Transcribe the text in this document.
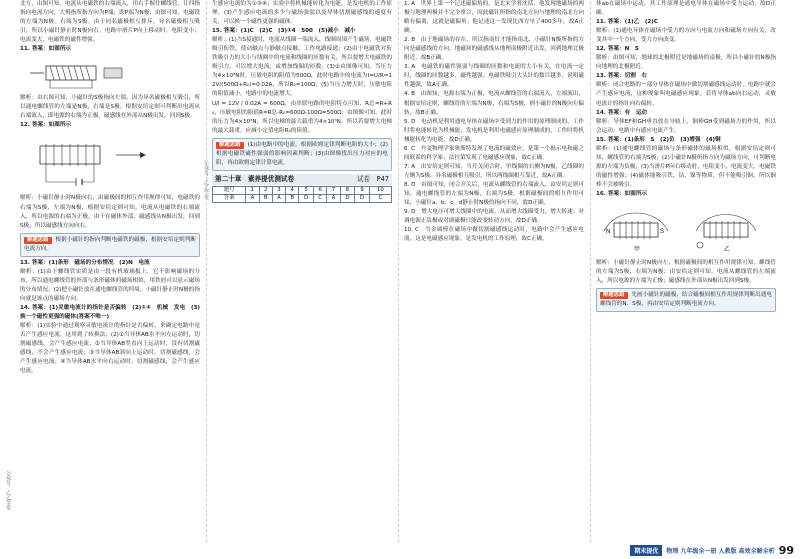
北方，由图可知，电流从电磁铁的右端流入，用右手握住螺线管，让四指指向电流方向，大拇指所指方向为P端，即P端为N极；由图可知，电磁铁的左端为N极，右端为S极。由于同名磁极相互排斥，异名磁极相互吸引，所以小磁针静止时N极向右。电路中滑片P向上移动时，电阻变小，电流变大，电磁铁的磁性增强。

11. 答案：如图所示

解析：由右图可知，小磁针的S极指向左端，因为异名磁极相互吸引，所以通电螺线管的左端是N极，右端是S极。根据安培定则可判断出电流从右端流入，即电源的右端为正极。磁感线在外部从N极出发，回到S极。

12. 答案：如图所示

解析：小磁针静止时N极向右，由磁极间的相互作用规律可知，电磁铁的右端为S极，左端为N极，根据安培定则可知，电流从电磁铁的右端流入，所以电源的右端为正极，由于在磁体外部，磁感线从N极出发，回到S极，所以磁感线方向向右。

解题思路 根据小磁针的指向判断电磁铁的磁极，根据安培定则判断电流方向。

13. 答案：(1)条形　磁场的分布情况　(2)N　电流

解析：(1)由于螺线管实质是由一段有机玻璃板上，它不影响磁场的分布，所以通电螺线管的外部与条形磁体的磁场相似，用铁屑可以显示磁场的分布情况。(2)把小磁针放在通电螺线管的四周，小磁针静止时N极的指向就是该点的磁场方向。

14. 答案：(1)灵敏电流计的指针是否偏转　(2)①④　机械　发电　(3)换一个磁性更强的磁体(答案不唯一)

解析：(1)实验中通过观察灵敏电流计的指针是否偏转，来确定电路中是否产生感应电流，这用到了转换法；(2)①当导体AB水平向左运动时，切割磁感线，会产生感应电流；②当导体AB竖直向上运动时，没有切割磁感线，不会产生感应电流；③当导体AB斜向上运动时，切割磁感线，会产生感应电流；④当导体AB水平向右运动时，切割磁感线，会产生感应电流。

公众号：乙乙学堂
公众号：乙乙学堂

生感应电流的为①③④；实验中将机械能转化为电能，是发电机的工作原理。(3)产生感应电流的多少与磁场强弱以及导体切割磁感线的速度有关，可以换一个磁性更强的磁体。

15. 答案：(1)C　(2)C　(3)①4　500　(5)减小　减小

解析：(1)当S接通时，电流从线圈一端流入，线圈周围产生磁场，电磁铁吸引衔铁，使动触点与静触点接触，工作电路接通；(2)由于电磁铁对衔铁吸引力的大小与线圈中的电流和线圈的匝数有关，所以要增大电磁铁的吸引力，可以增大电流，或增加线圈的匝数；(3)①由图像可知，当压力为4×10³N时，压敏电阻的阻值为500Ω，此时电路中的电流为I=U/R=12V/(500Ω+R₀)=0.02A，所以R₀=100Ω；(5)当压力增大时，压敏电阻的阻值减小，电路中的电流增大。

U/I = 12V / 0.02A = 600Ω，由串联电路的电阻特点可知，R总=R+R₀，压敏电阻的阻值R=R总-R₀=600Ω-100Ω=500Ω；由图像可知，此时的压力为4×10³N，所以电梯的最大载重为4×10³N，所以若要增大电梯的最大载重，应减小定值电阻R₀的阻值。

解题思路 (1)由电路中的电流，根据欧姆定律判断电阻的大小；(2)根据电磁铁磁性强弱的影响因素判断；(3)由图像找出压力对应的电阻，再由欧姆定律计算电流。
第二十章　素养提优测试卷	试卷　P47
题号	1	2	3	4	5	6	7	8	9	10
答案	A	B	A	B	D	C	A	D	D	C

1. A　世界上第一个记述磁偏角的，是北宋学者沈括，他发现地磁场的两极与地理两极并不完全重合，因此磁针所指的南北方向与地理的南北方向略有偏离，这就是磁偏角；他记述这一发现比西方早了400多年，故A正确。

2. B　由于地磁场的存在，所以指南针才能指南北，小磁针N极所指的方向是磁感线的方向，地磁场的磁感线从地理南极附近出发，回到地理北极附近，故B正确。

3. A　电磁铁的磁性强弱与线圈的匝数和电流的大小有关，在电流一定时，线圈的匝数越多，磁性越强；电磁铁吸引大头针的数目越多，说明磁性越强，故A正确。

4. B　由图知，电源右端为正极，电流从螺线管的右端流入，左端流出，根据安培定则，螺线管的左端为N极，右端为S极，则小磁针的N极向左偏转，故B正确。

5. D　电动机是利用通电导体在磁场中受到力的作用的原理制成的，工作时将电能转化为机械能；发电机是利用电磁感应原理制成的，工作时将机械能转化为电能，故D正确。

6. C　丹麦物理学家奥斯特发现了电流的磁效应，是第一个揭示电和磁之间联系的科学家；法拉第发现了电磁感应现象，故C正确。

7. A　由安培定则可知，当开关闭合时，甲线圈的右侧为N极，乙线圈的左侧为S极，异名磁极相互吸引，所以两线圈相互靠近，故A正确。

8. D　由图可知，闭合开关后，电流从螺线管的右端流入，由安培定则可知，通电螺线管的左端为N极，右端为S极，根据磁极间的相互作用可知，小磁针a、b、c、d静止时N极的指向不同，故D正确。

9. D　增大电压可增大线圈中的电流，从而增大线圈受力，增大转速；对调电源正负极或对调磁极只能改变转动方向，故D正确。

10. C　当金属棒在磁场中做切割磁感线运动时，电路中会产生感应电流，这是电磁感应现象，是发电机的工作原理，故C正确。

体ab在磁场中运动，其工作原理是通电导体在磁场中受力运动，故D正确。

11. 答案：(1)乙　(2)C

解析：(1)通电导体在磁场中受力的方向与电流方向和磁场方向有关，改变其中一个方向，受力方向改变。

12. 答案：N　S

解析：由图可知，地球的北极附近是地磁场的南极，所以小磁针的N极指向地理的北极附近。

13. 答案：切割　右

解析：闭合电路的一部分导体在磁场中做切割磁感线运动时，电路中就会产生感应电流，这种现象叫电磁感应现象。若将导体ab向右运动，灵敏电流计的指针向右偏转。

14. 答案：有　运动

解析：导体EF和GH垂直放在导轨上，铜棒GH受到磁场力的作用，所以会运动；电路中有感应电流产生。

15. 答案：(1)条形　S　(2)负　(3)增强　(4)铜

解析：(1)通电螺线管的磁场与条形磁体的磁场相似，根据安培定则可知，螺线管的右端为S极；(2)小磁针N极所指方向为磁场方向，可判断电源的左端为负极；(3)当滑片P向右移动时，电阻变小，电流变大，电磁铁的磁性增强；(4)磁体能吸引铁、钴、镍等物质，但不能吸引铜，所以铜棒不会被吸引。

16. 答案：如图所示

N	S
甲	乙

解析：小磁针静止时N极向左，根据磁极间的相互作用规律可知，螺线管的左端为S极，右端为N极；由安培定则可知，电流从螺线管的左端流入，所以电源的左端为正极；磁感线在外部从N极出发回到S极。

解题思路 先画小磁针的磁极，结合磁极间相互作用规律判断出通电螺线管的N、S极，再由安培定则判断电流方向。
期末提优	物理 九年级全一册 人教版 高效全解全析 99
